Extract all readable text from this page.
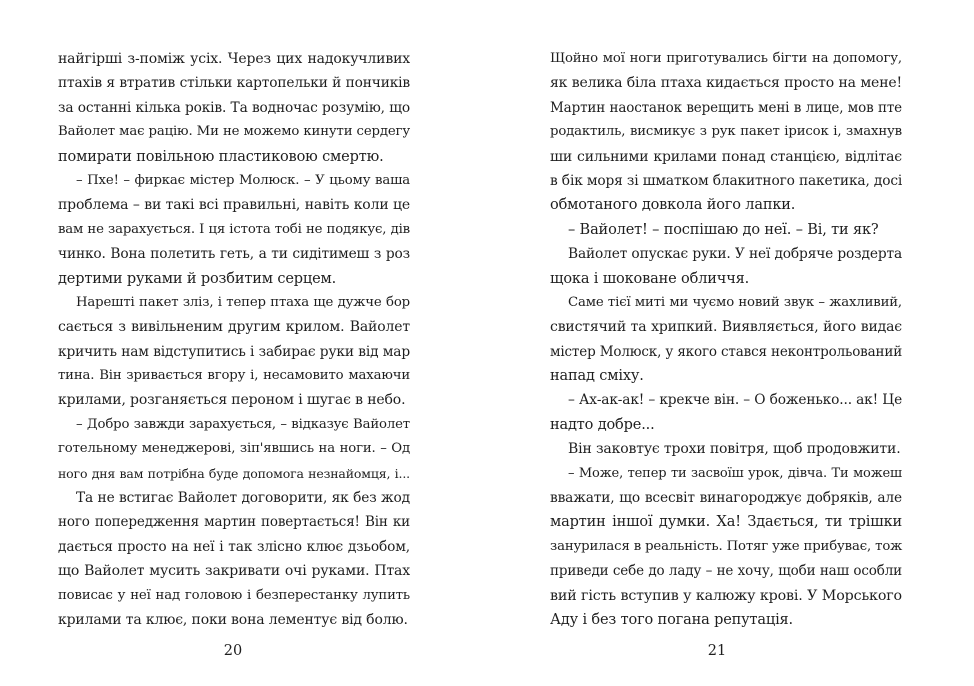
найгірші з-поміж усіх. Через цих надокучливих
птахів я втратив стільки картопельки й пончиків
за останні кілька років. Та водночас розумію, що
Вайолет має рацію. Ми не можемо кинути сердегу
помирати повільною пластиковою смертю.
– Пхе! – фиркає містер Молюск. – У цьому ваша
проблема – ви такі всі правильні, навіть коли це
вам не зарахується. І ця істота тобі не подякує, дів
чинко. Вона полетить геть, а ти сидітимеш з роз
дертими руками й розбитим серцем.
Нарешті пакет зліз, і тепер птаха ще дужче бор
сається з вивільненим другим крилом. Вайолет
кричить нам відступитись і забирає руки від мар
тина. Він зривається вгору і, несамовито махаючи
крилами, розганяється пероном і шугає в небо.
– Добро завжди зарахується, – відказує Вайолет
готельному менеджерові, зіп'явшись на ноги. – Од
ного дня вам потрібна буде допомога незнайомця, і...
Та не встигає Вайолет договорити, як без жод
ного попередження мартин повертається! Він ки
дається просто на неї і так злісно клює дзьобом,
що Вайолет мусить закривати очі руками. Птах
повисає у неї над головою і безперестанку лупить
крилами та клює, поки вона лементує від болю.
20
Щойно мої ноги приготувались бігти на допомогу,
як велика біла птаха кидається просто на мене!
Мартин наостанок верещить мені в лице, мов пте
родактиль, висмикує з рук пакет ірисок і, змахнув
ши сильними крилами понад станцією, відлітає
в бік моря зі шматком блакитного пакетика, досі
обмотаного довкола його лапки.
– Вайолет! – поспішаю до неї. – Ві, ти як?
Вайолет опускає руки. У неї добряче роздерта
щока і шоковане обличчя.
Саме тієї миті ми чуємо новий звук – жахливий,
свистячий та хрипкий. Виявляється, його видає
містер Молюск, у якого стався неконтрольований
напад сміху.
– Ах-ак-ак! – крекче він. – О боженько... ак! Це
надто добре...
Він заковтує трохи повітря, щоб продовжити.
– Може, тепер ти засвоїш урок, дівча. Ти можеш
вважати, що всесвіт винагороджує добряків, але
мартин іншої думки. Ха! Здається, ти трішки
занурилася в реальність. Потяг уже прибуває, тож
приведи себе до ладу – не хочу, щоби наш особли
вий гість вступив у калюжу крові. У Морського
Аду і без того погана репутація.
21
